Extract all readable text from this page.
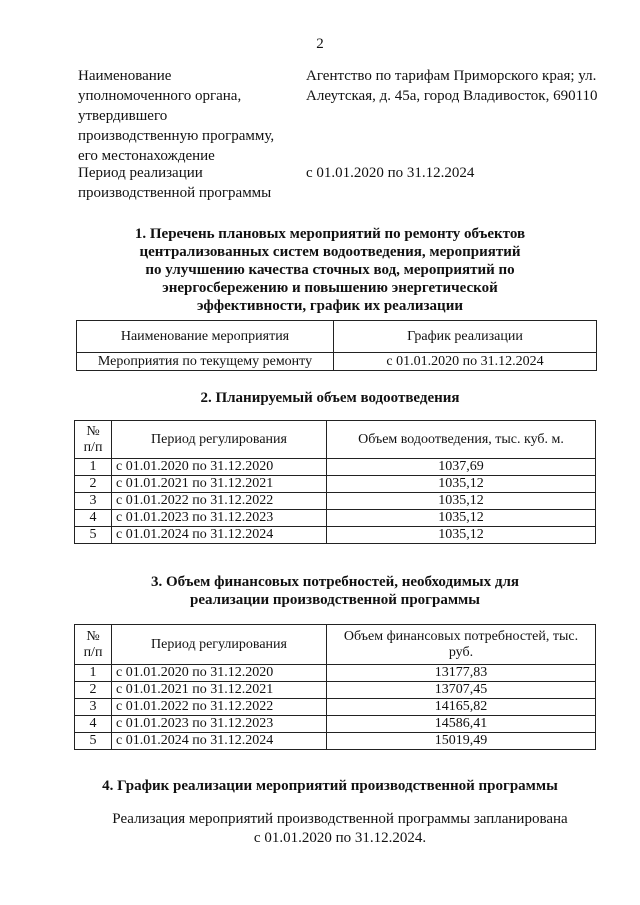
2
Наименование уполномоченного органа, утвердившего производственную программу, его местонахождение
Агентство по тарифам Приморского края; ул. Алеутская, д. 45а, город Владивосток, 690110
Период реализации производственной программы
с 01.01.2020 по 31.12.2024
1. Перечень плановых мероприятий по ремонту объектов централизованных систем водоотведения, мероприятий по улучшению качества сточных вод, мероприятий по энергосбережению и повышению энергетической эффективности, график их реализации
Наименование мероприятия	График реализации
Мероприятия по текущему ремонту	с 01.01.2020 по 31.12.2024
2. Планируемый объем водоотведения
№ п/п	Период регулирования	Объем водоотведения, тыс. куб. м.
1	с 01.01.2020 по 31.12.2020	1037,69
2	с 01.01.2021 по 31.12.2021	1035,12
3	с 01.01.2022 по 31.12.2022	1035,12
4	с 01.01.2023 по 31.12.2023	1035,12
5	с 01.01.2024 по 31.12.2024	1035,12
3. Объем финансовых потребностей, необходимых для реализации производственной программы
№ п/п	Период регулирования	Объем финансовых потребностей, тыс. руб.
1	с 01.01.2020 по 31.12.2020	13177,83
2	с 01.01.2021 по 31.12.2021	13707,45
3	с 01.01.2022 по 31.12.2022	14165,82
4	с 01.01.2023 по 31.12.2023	14586,41
5	с 01.01.2024 по 31.12.2024	15019,49
4. График реализации мероприятий производственной программы
Реализация мероприятий производственной программы запланирована с 01.01.2020 по 31.12.2024.
